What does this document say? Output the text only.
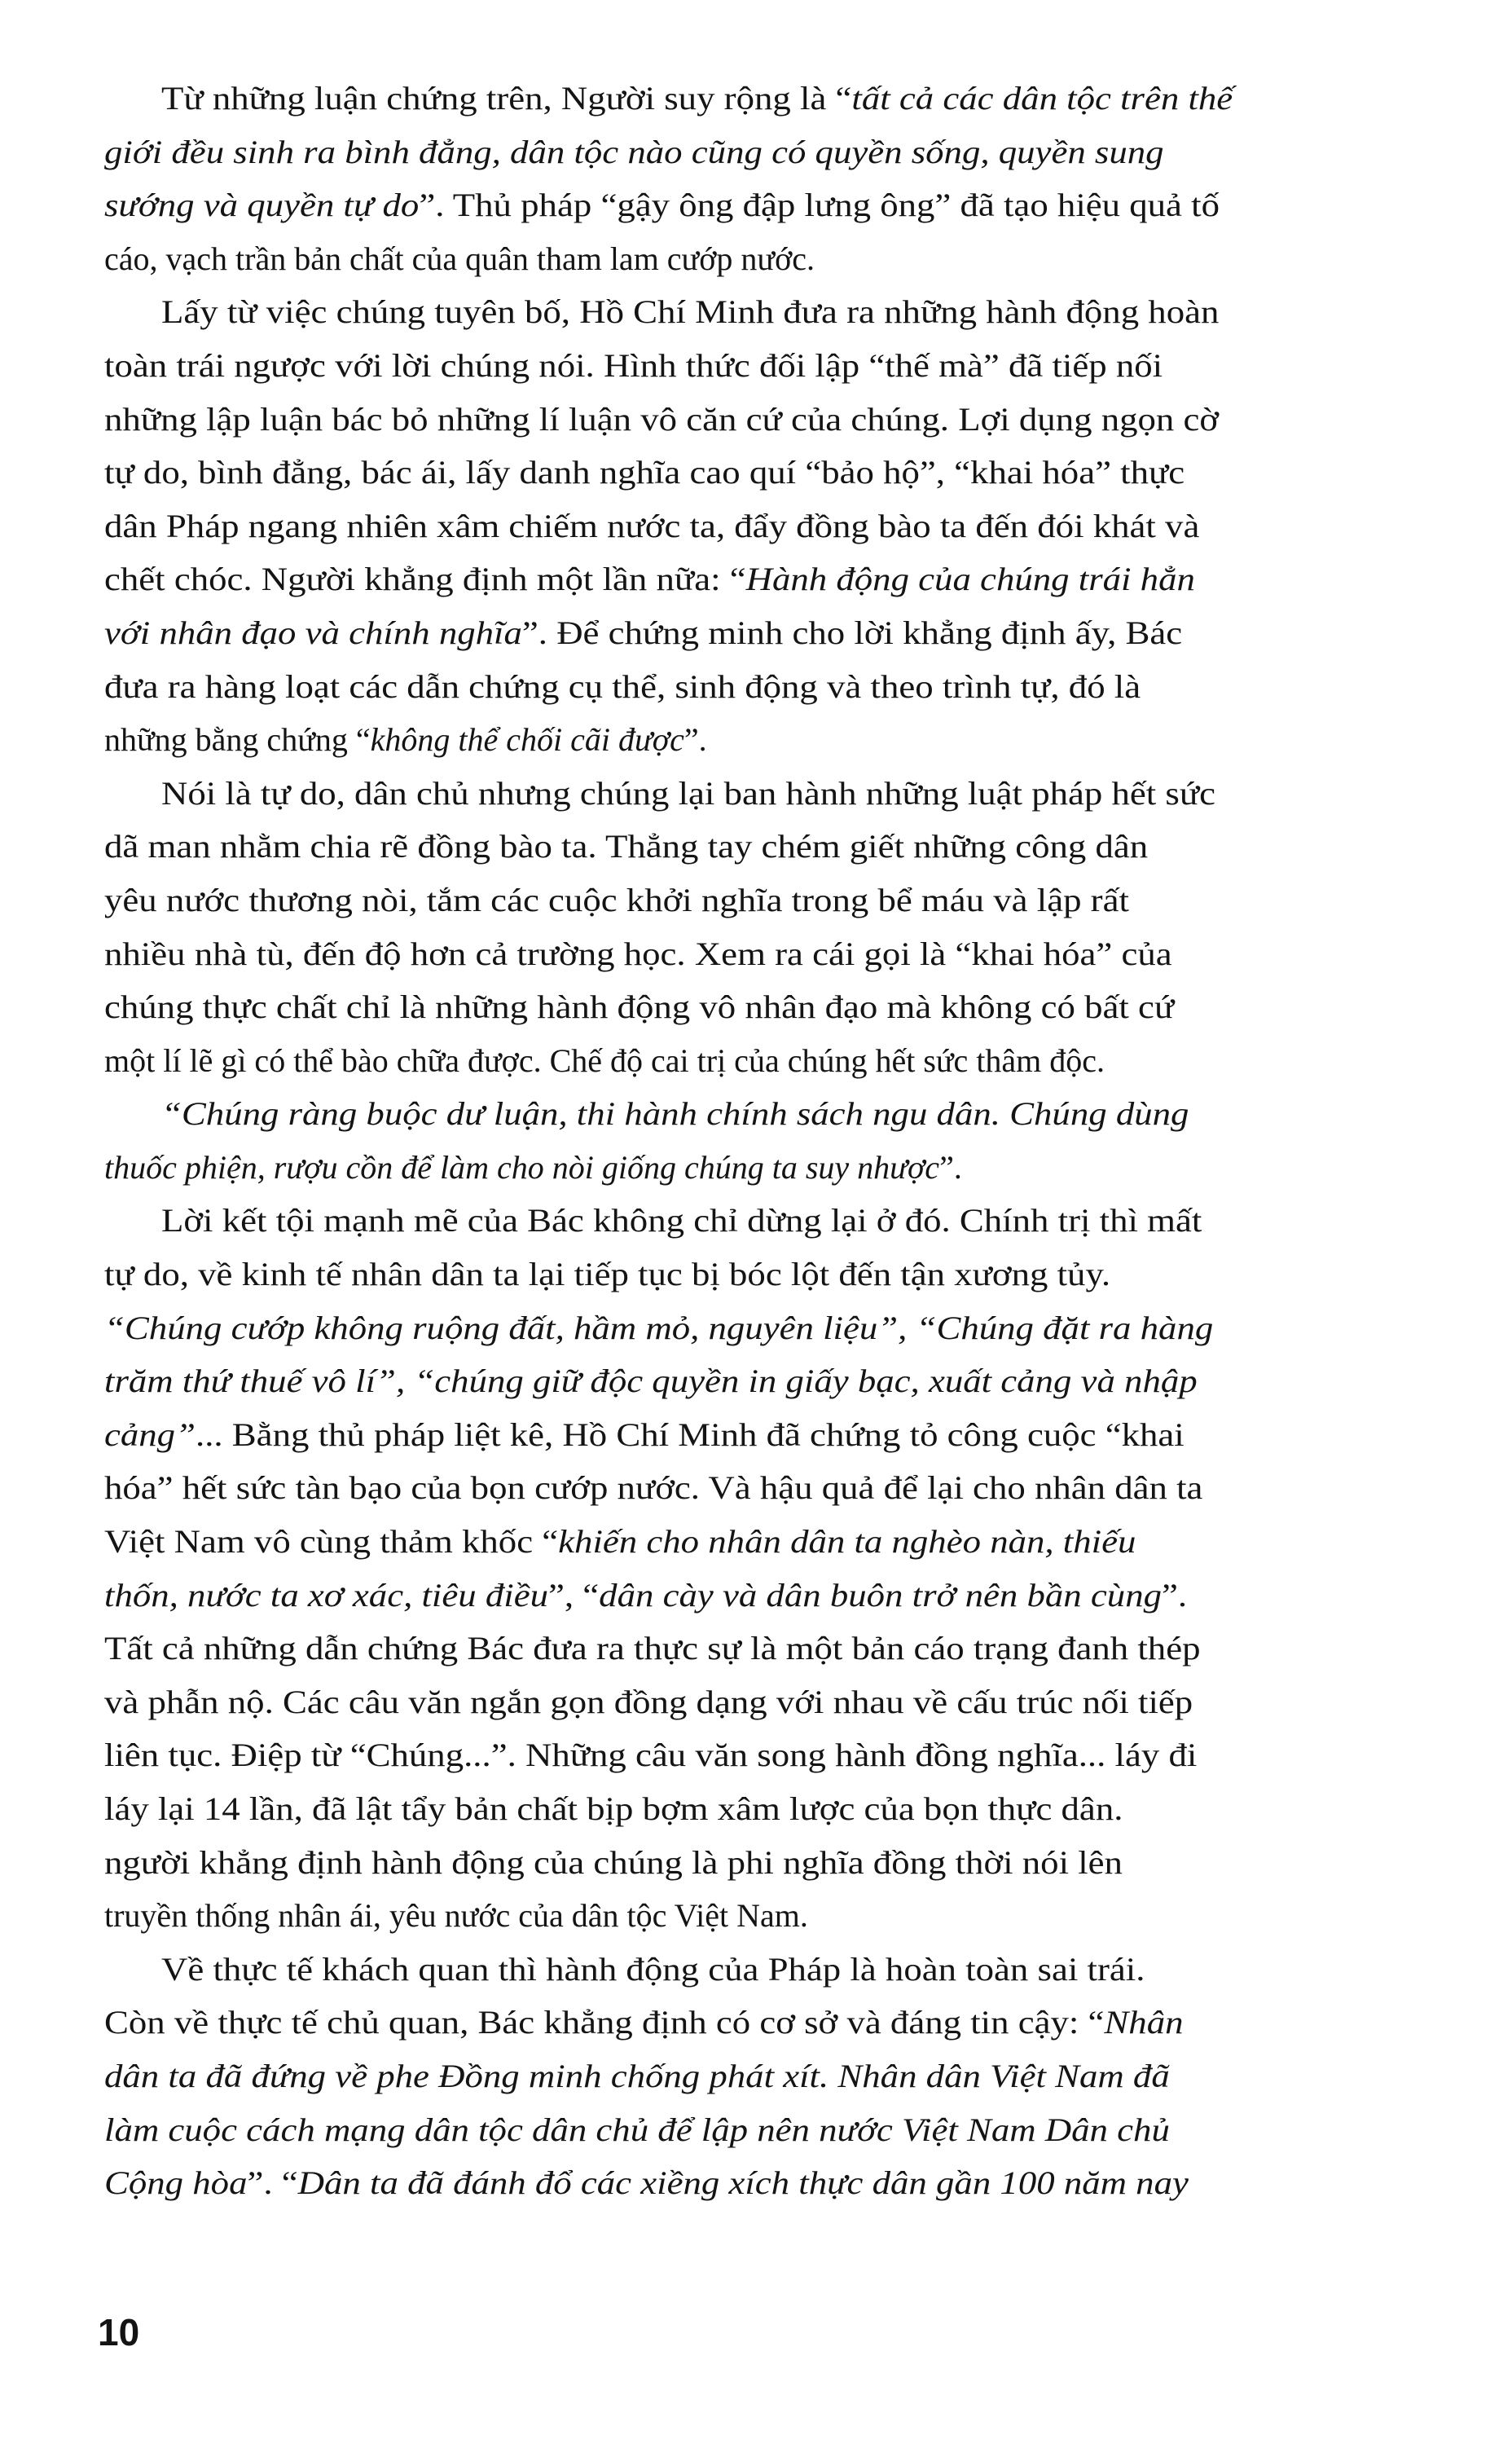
Từ những luận chứng trên, Người suy rộng là “tất cả các dân tộc trên thế
giới đều sinh ra bình đẳng, dân tộc nào cũng có quyền sống, quyền sung
sướng và quyền tự do”. Thủ pháp “gậy ông đập lưng ông” đã tạo hiệu quả tố
cáo, vạch trần bản chất của quân tham lam cướp nước.
Lấy từ việc chúng tuyên bố, Hồ Chí Minh đưa ra những hành động hoàn
toàn trái ngược với lời chúng nói. Hình thức đối lập “thế mà” đã tiếp nối
những lập luận bác bỏ những lí luận vô căn cứ của chúng. Lợi dụng ngọn cờ
tự do, bình đẳng, bác ái, lấy danh nghĩa cao quí “bảo hộ”, “khai hóa” thực
dân Pháp ngang nhiên xâm chiếm nước ta, đẩy đồng bào ta đến đói khát và
chết chóc. Người khẳng định một lần nữa: “Hành động của chúng trái hẳn
với nhân đạo và chính nghĩa”. Để chứng minh cho lời khẳng định ấy, Bác
đưa ra hàng loạt các dẫn chứng cụ thể, sinh động và theo trình tự, đó là
những bằng chứng “không thể chối cãi được”.
Nói là tự do, dân chủ nhưng chúng lại ban hành những luật pháp hết sức
dã man nhằm chia rẽ đồng bào ta. Thẳng tay chém giết những công dân
yêu nước thương nòi, tắm các cuộc khởi nghĩa trong bể máu và lập rất
nhiều nhà tù, đến độ hơn cả trường học. Xem ra cái gọi là “khai hóa” của
chúng thực chất chỉ là những hành động vô nhân đạo mà không có bất cứ
một lí lẽ gì có thể bào chữa được. Chế độ cai trị của chúng hết sức thâm độc.
“Chúng ràng buộc dư luận, thi hành chính sách ngu dân. Chúng dùng
thuốc phiện, rượu cồn để làm cho nòi giống chúng ta suy nhược”.
Lời kết tội mạnh mẽ của Bác không chỉ dừng lại ở đó. Chính trị thì mất
tự do, về kinh tế nhân dân ta lại tiếp tục bị bóc lột đến tận xương tủy.
“Chúng cướp không ruộng đất, hầm mỏ, nguyên liệu”, “Chúng đặt ra hàng
trăm thứ thuế vô lí”, “chúng giữ độc quyền in giấy bạc, xuất cảng và nhập
cảng”... Bằng thủ pháp liệt kê, Hồ Chí Minh đã chứng tỏ công cuộc “khai
hóa” hết sức tàn bạo của bọn cướp nước. Và hậu quả để lại cho nhân dân ta
Việt Nam vô cùng thảm khốc “khiến cho nhân dân ta nghèo nàn, thiếu
thốn, nước ta xơ xác, tiêu điều”, “dân cày và dân buôn trở nên bần cùng”.
Tất cả những dẫn chứng Bác đưa ra thực sự là một bản cáo trạng đanh thép
và phẫn nộ. Các câu văn ngắn gọn đồng dạng với nhau về cấu trúc nối tiếp
liên tục. Điệp từ “Chúng...”. Những câu văn song hành đồng nghĩa... láy đi
láy lại 14 lần, đã lật tẩy bản chất bịp bợm xâm lược của bọn thực dân.
người khẳng định hành động của chúng là phi nghĩa đồng thời nói lên
truyền thống nhân ái, yêu nước của dân tộc Việt Nam.
Về thực tế khách quan thì hành động của Pháp là hoàn toàn sai trái.
Còn về thực tế chủ quan, Bác khẳng định có cơ sở và đáng tin cậy: “Nhân
dân ta đã đứng về phe Đồng minh chống phát xít. Nhân dân Việt Nam đã
làm cuộc cách mạng dân tộc dân chủ để lập nên nước Việt Nam Dân chủ
Cộng hòa”. “Dân ta đã đánh đổ các xiềng xích thực dân gần 100 năm nay
10
